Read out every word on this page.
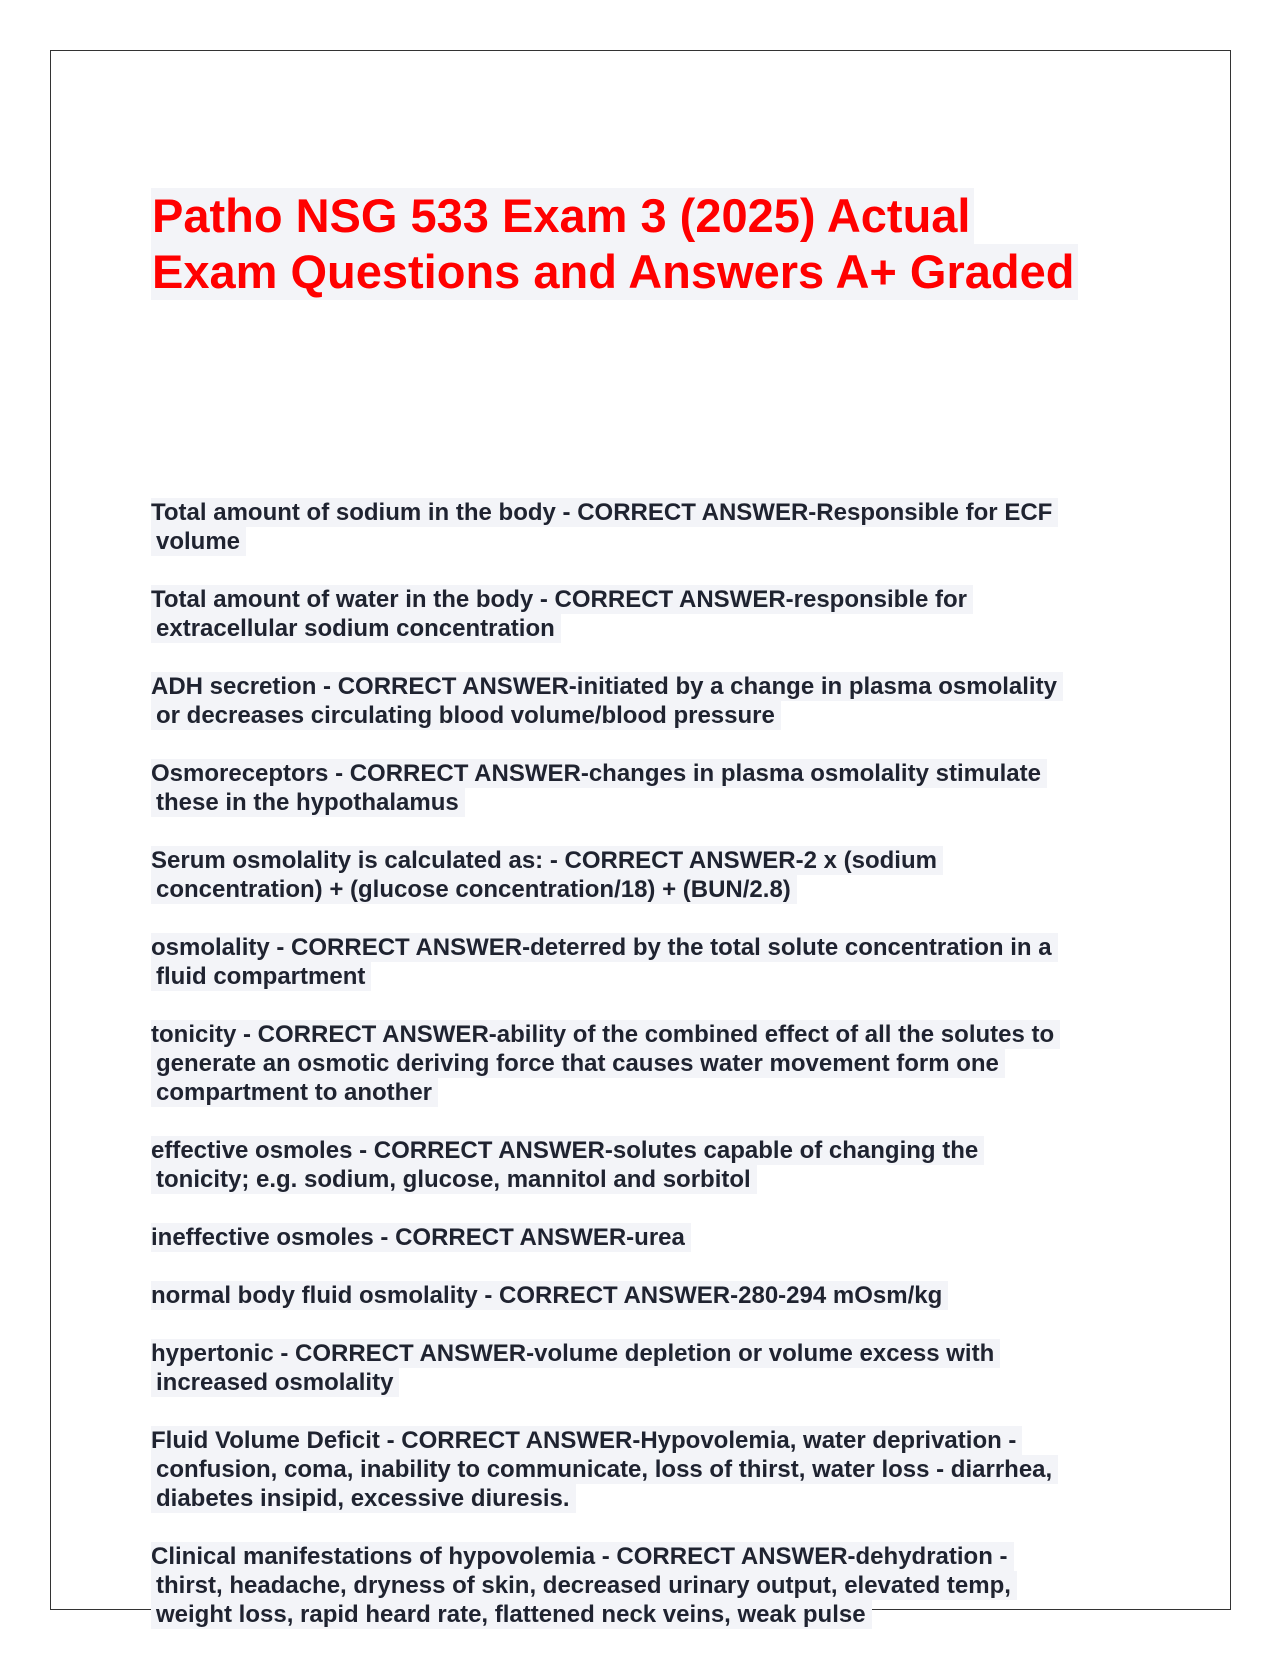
Patho NSG 533 Exam 3 (2025) Actual
Exam Questions and Answers A+ Graded
Total amount of sodium in the body - CORRECT ANSWER-Responsible for ECF
volume
Total amount of water in the body - CORRECT ANSWER-responsible for
extracellular sodium concentration
ADH secretion - CORRECT ANSWER-initiated by a change in plasma osmolality
or decreases circulating blood volume/blood pressure
Osmoreceptors - CORRECT ANSWER-changes in plasma osmolality stimulate
these in the hypothalamus
Serum osmolality is calculated as: - CORRECT ANSWER-2 x (sodium
concentration) + (glucose concentration/18) + (BUN/2.8)
osmolality - CORRECT ANSWER-deterred by the total solute concentration in a
fluid compartment
tonicity - CORRECT ANSWER-ability of the combined effect of all the solutes to
generate an osmotic deriving force that causes water movement form one
compartment to another
effective osmoles - CORRECT ANSWER-solutes capable of changing the
tonicity; e.g. sodium, glucose, mannitol and sorbitol
ineffective osmoles - CORRECT ANSWER-urea
normal body fluid osmolality - CORRECT ANSWER-280-294 mOsm/kg
hypertonic - CORRECT ANSWER-volume depletion or volume excess with
increased osmolality
Fluid Volume Deficit - CORRECT ANSWER-Hypovolemia, water deprivation -
confusion, coma, inability to communicate, loss of thirst, water loss - diarrhea,
diabetes insipid, excessive diuresis.
Clinical manifestations of hypovolemia - CORRECT ANSWER-dehydration -
thirst, headache, dryness of skin, decreased urinary output, elevated temp,
weight loss, rapid heard rate, flattened neck veins, weak pulse
